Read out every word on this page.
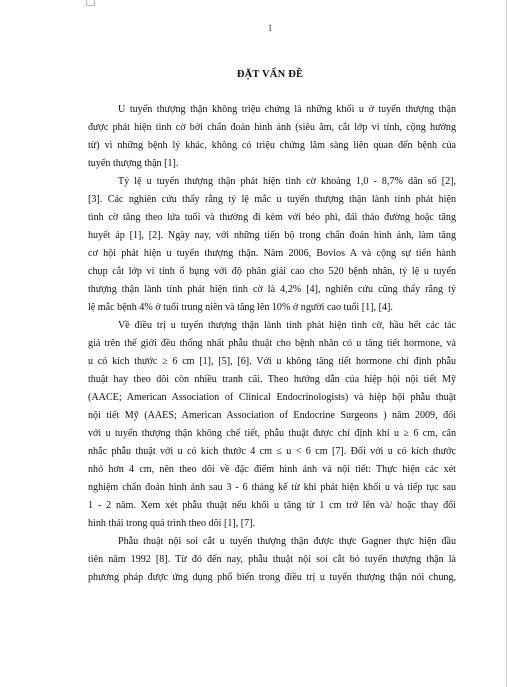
1
ĐẶT VẤN ĐỀ
U tuyến thượng thận không triệu chứng là những khối u ở tuyến thượng thận
được phát hiện tình cờ bởi chẩn đoán hình ảnh (siêu âm, cắt lớp vi tính, cộng hưởng
từ) vì những bệnh lý khác, không có triệu chứng lâm sàng liên quan đến bệnh của
tuyến thượng thận [1].
Tỷ lệ u tuyến thượng thận phát hiện tình cờ khoảng 1,0 - 8,7% dân số [2],
[3]. Các nghiên cứu thấy rằng tỷ lệ mắc u tuyến thượng thận lành tính phát hiện
tình cờ tăng theo lứa tuổi và thường đi kèm với béo phì, đái tháo đường hoặc tăng
huyết áp [1], [2]. Ngày nay, với những tiến bộ trong chẩn đoán hình ảnh, làm tăng
cơ hội phát hiện u tuyến thượng thận. Năm 2006, Bovios A và cộng sự tiến hành
chụp cắt lớp vi tính ổ bụng với độ phân giải cao cho 520 bệnh nhân, tỷ lệ u tuyến
thượng thận lành tính phát hiện tình cờ là 4,2% [4], nghiên cứu cũng thấy rằng tỷ
lệ mắc bệnh 4% ở tuổi trung niên và tăng lên 10% ở người cao tuổi [1], [4].
Về điều trị u tuyến thượng thận lành tính phát hiện tình cờ, hầu hết các tác
giả trên thế giới đều thống nhất phẫu thuật cho bệnh nhân có u tăng tiết hormone, và
u có kích thước ≥ 6 cm [1], [5], [6]. Với u không tăng tiết hormone chỉ định phẫu
thuật hay theo dõi còn nhiều tranh cãi. Theo hướng dẫn của hiệp hội nội tiết Mỹ
(AACE; American Association of Clinical Endocrinologists) và hiệp hội phẫu thuật
nội tiết Mỹ (AAES; American Association of Endocrine Surgeons ) năm 2009, đối
với u tuyến thượng thận không chế tiết, phẫu thuật được chỉ định khi u ≥ 6 cm, cân
nhắc phẫu thuật với u có kích thước 4 cm ≤ u < 6 cm [7]. Đối với u có kích thước
nhỏ hơn 4 cm, nên theo dõi về đặc điểm hình ảnh và nội tiết: Thực hiện các xét
nghiệm chẩn đoán hình ảnh sau 3 - 6 tháng kể từ khi phát hiện khối u và tiếp tục sau
1 - 2 năm. Xem xét phẫu thuật nếu khối u tăng từ 1 cm trở lên và/ hoặc thay đổi
hình thái trong quá trình theo dõi [1], [7].
Phẫu thuật nội soi cắt u tuyến thượng thận được thực Gagner thực hiện đầu
tiên năm 1992 [8]. Từ đó đến nay, phẫu thuật nội soi cắt bỏ tuyến thượng thận là
phương pháp được ứng dụng phổ biến trong điều trị u tuyến thượng thận nói chung,
